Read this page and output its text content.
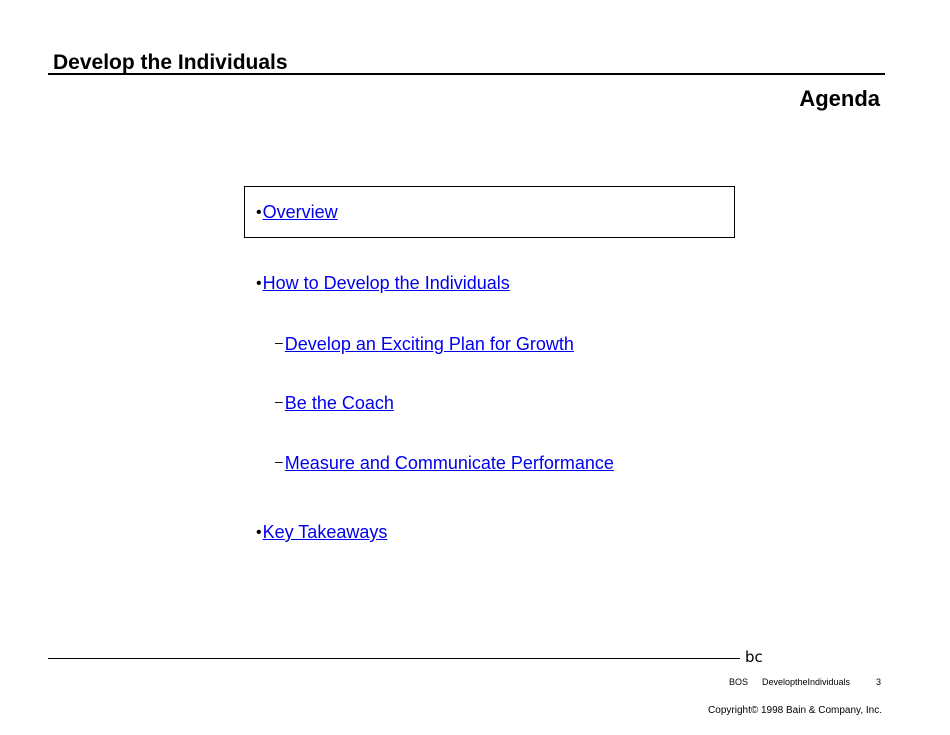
Develop the Individuals
Agenda
• Overview
• How to Develop the Individuals
– Develop an Exciting Plan for Growth
– Be the Coach
– Measure and Communicate Performance
• Key Takeaways
bc
BOS DeveloptheIndividuals	3
Copyright© 1998 Bain & Company, Inc.
